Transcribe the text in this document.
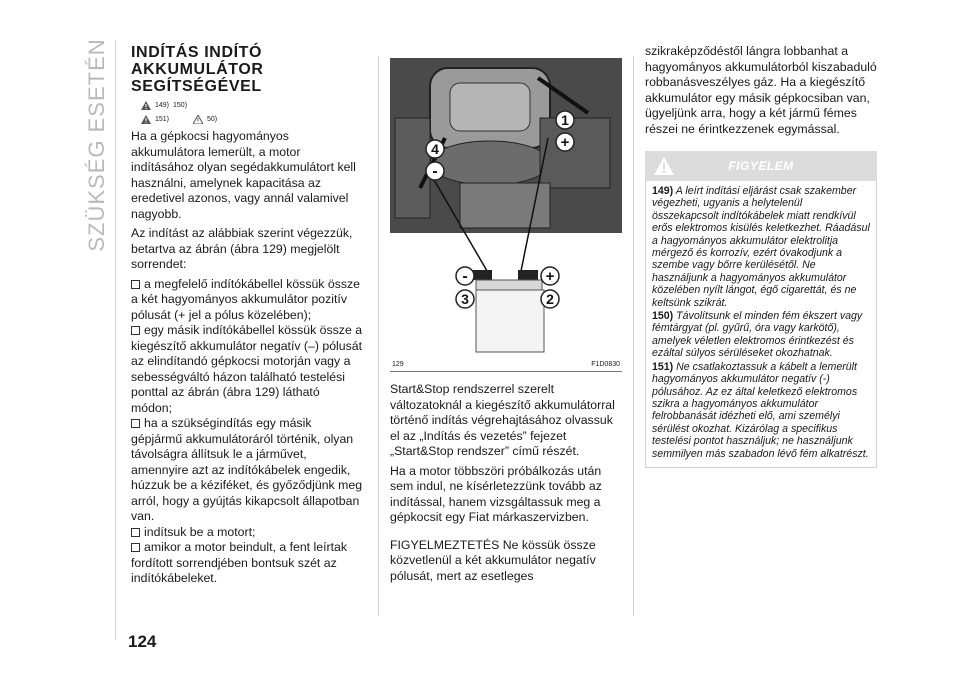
SZÜKSÉG ESETÉN INDÍTÁS INDÍTÓ
AKKUMULÁTOR
SEGÍTSÉGÉVEL
149) 150)
151)	50)

Ha a gépkocsi hagyományos akkumulátora lemerült, a motor indításához olyan segédakkumulátort kell használni, amelynek kapacitása az eredetivel azonos, vagy annál valamivel nagyobb.

Az indítást az alábbiak szerint végezzük, betartva az ábrán (ábra 129) megjelölt sorrendet:

a megfelelő indítókábellel kössük össze a két hagyományos akkumulátor pozitív pólusát (+ jel a pólus közelében);
egy másik indítókábellel kössük össze a kiegészítő akkumulátor negatív (–) pólusát az elindítandó gépkocsi motorján vagy a sebességváltó házon található testelési ponttal az ábrán (ábra 129) látható módon;
ha a szükségindítás egy másik gépjármű akkumulátoráról történik, olyan távolságra állítsuk le a járművet, amennyire azt az indítókábelek engedik, húzzuk be a kéziféket, és győződjünk meg arról, hogy a gyújtás kikapcsolt állapotban van.
indítsuk be a motort;
amikor a motor beindult, a fent leírtak fordított sorrendjében bontsuk szét az indítókábeleket.
1
+
4
-
-	+
3	2
129	F1D0830

Start&Stop rendszerrel szerelt változatoknál a kiegészítő akkumulátorral történő indítás végrehajtásához olvassuk el az „Indítás és vezetés” fejezet „Start&Stop rendszer” című részét.

Ha a motor többszöri próbálkozás után sem indul, ne kísérletezzünk tovább az indítással, hanem vizsgáltassuk meg a gépkocsit egy Fiat márkaszervizben.

FIGYELMEZTETÉS Ne kössük össze közvetlenül a két akkumulátor negatív pólusát, mert az esetleges

szikraképződéstől lángra lobbanhat a hagyományos akkumulátorból kiszabaduló robbanásveszélyes gáz. Ha a kiegészítő akkumulátor egy másik gépkocsiban van, ügyeljünk arra, hogy a két jármű fémes részei ne érintkezzenek egymással.

FIGYELEM

149) A leírt indítási eljárást csak szakember végezheti, ugyanis a helytelenül összekapcsolt indítókábelek miatt rendkívül erős elektromos kisülés keletkezhet. Ráadásul a hagyományos akkumulátor elektrolitja mérgező és korrozív, ezért óvakodjunk a szembe vagy bőrre kerülésétől. Ne használjunk a hagyományos akkumulátor közelében nyílt lángot, égő cigarettát, és ne keltsünk szikrát.

150) Távolítsunk el minden fém ékszert vagy fémtárgyat (pl. gyűrű, óra vagy karkötő), amelyek véletlen elektromos érintkezést és ezáltal súlyos sérüléseket okozhatnak.

151) Ne csatlakoztassuk a kábelt a lemerült hagyományos akkumulátor negatív (-) pólusához. Az ez által keletkező elektromos szikra a hagyományos akkumulátor felrobbanását idézheti elő, ami személyi sérülést okozhat. Kizárólag a specifikus testelési pontot használjuk; ne használjunk semmilyen más szabadon lévő fém alkatrészt.

124
